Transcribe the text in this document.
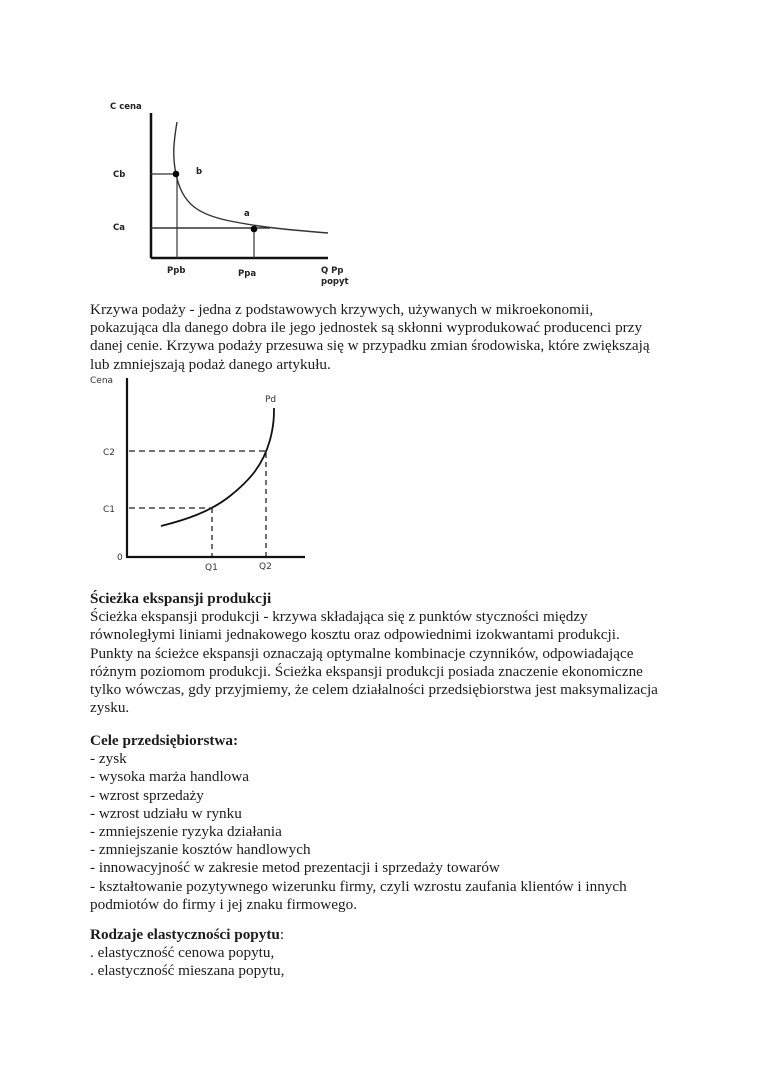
C cena
Cb
Ca
b
a
Ppb	Ppa	Q Pp
popyt
Krzywa podaży - jedna z podstawowych krzywych, używanych w mikroekonomii,
pokazująca dla danego dobra ile jego jednostek są skłonni wyprodukować producenci przy
danej cenie. Krzywa podaży przesuwa się w przypadku zmian środowiska, które zwiększają
lub zmniejszają podaż danego artykułu.
Cena
Pd
C2
C1
0
Q1	Q2
Ścieżka ekspansji produkcji
Ścieżka ekspansji produkcji - krzywa składająca się z punktów styczności między
równoległymi liniami jednakowego kosztu oraz odpowiednimi izokwantami produkcji.
Punkty na ścieżce ekspansji oznaczają optymalne kombinacje czynników, odpowiadające
różnym poziomom produkcji. Ścieżka ekspansji produkcji posiada znaczenie ekonomiczne
tylko wówczas, gdy przyjmiemy, że celem działalności przedsiębiorstwa jest maksymalizacja
zysku.
Cele przedsiębiorstwa:
- zysk
- wysoka marża handlowa
- wzrost sprzedaży
- wzrost udziału w rynku
- zmniejszenie ryzyka działania
- zmniejszanie kosztów handlowych
- innowacyjność w zakresie metod prezentacji i sprzedaży towarów
- kształtowanie pozytywnego wizerunku firmy, czyli wzrostu zaufania klientów i innych
podmiotów do firmy i jej znaku firmowego.
Rodzaje elastyczności popytu:
. elastyczność cenowa popytu,
. elastyczność mieszana popytu,
